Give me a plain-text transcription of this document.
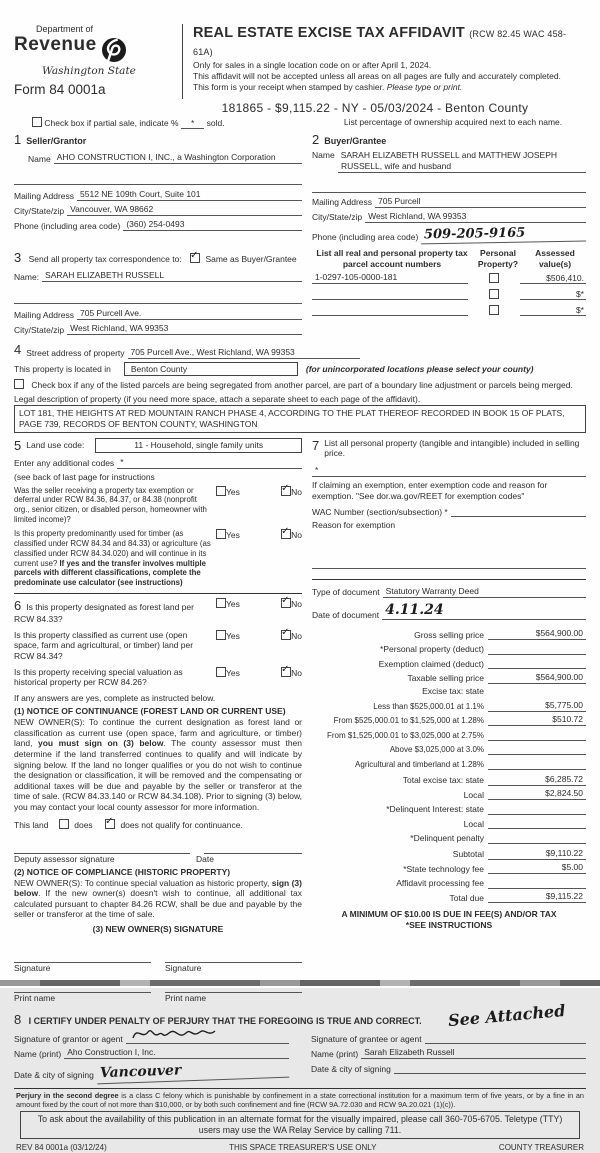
Department of
Revenue
Washington State
Form 84 0001a
REAL ESTATE EXCISE TAX AFFIDAVIT (RCW 82.45 WAC 458-61A)
Only for sales in a single location code on or after April 1, 2024.
This affidavit will not be accepted unless all areas on all pages are fully and accurately completed.
This form is your receipt when stamped by cashier. Please type or print.
181865 - $9,115.22 - NY - 05/03/2024 - Benton County
Check box if partial sale, indicate % * sold.	List percentage of ownership acquired next to each name.
1 Seller/Grantor
Name AHO CONSTRUCTION I, INC., a Washington Corporation
Mailing Address 5512 NE 109th Court, Suite 101
City/State/zip Vancouver, WA 98662
Phone (including area code) (360) 254-0493
2 Buyer/Grantee
Name SARAH ELIZABETH RUSSELL and MATTHEW JOSEPH
RUSSELL, wife and husband
Mailing Address 705 Purcell
City/State/zip West Richland, WA 99353
Phone (including area code) 509-205-9165
3 Send all property tax correspondence to: ✓	Same as Buyer/Grantee
Name: SARAH ELIZABETH RUSSELL
Mailing Address 705 Purcell Ave.
City/State/zip West Richland, WA 99353
List all real and personal property tax parcel account numbers
Personal Property?
Assessed value(s)
1-0297-105-0000-181	$506,410.
$*
$*
4 Street address of property 705 Purcell Ave., West Richland, WA 99353
This property is located in	Benton County	(for unincorporated locations please select your county)
Check box if any of the listed parcels are being segregated from another parcel, are part of a boundary line adjustment or parcels being merged.
Legal description of property (if you need more space, attach a separate sheet to each page of the affidavit).
LOT 181, THE HEIGHTS AT RED MOUNTAIN RANCH PHASE 4, ACCORDING TO THE PLAT THEREOF RECORDED IN BOOK 15 OF PLATS, PAGE 739, RECORDS OF BENTON COUNTY, WASHINGTON
5 Land use code:	11 - Household, single family units
Enter any additional codes *
(see back of last page for instructions
Was the seller receiving a property tax exemption or deferral under RCW 84.36, 84.37, or 84.38 (nonprofit org., senior citizen, or disabled person, homeowner with limited income)?
Yes ✓	No
Is this property predominantly used for timber (as classified under RCW 84.34 and 84.33) or agriculture (as classified under RCW 84.34.020) and will continue in its current use? If yes and the transfer involves multiple parcels with different classifications, complete the predominate use calculator (see instructions)
Yes ✓	No
6 Is this property designated as forest land per RCW 84.33?
Yes ✓	No
Is this property classified as current use (open space, farm and agricultural, or timber) land per RCW 84.34?
Yes ✓	No
Is this property receiving special valuation as historical property per RCW 84.26?
Yes ✓	No
If any answers are yes, complete as instructed below.
(1) NOTICE OF CONTINUANCE (FOREST LAND OR CURRENT USE)
NEW OWNER(S): To continue the current designation as forest land or classification as current use (open space, farm and agriculture, or timber) land, you must sign on (3) below. The county assessor must then determine if the land transferred continues to qualify and will indicate by signing below. If the land no longer qualifies or you do not wish to continue the designation or classification, it will be removed and the compensating or additional taxes will be due and payable by the seller or transferor at the time of sale. (RCW 84.33.140 or RCW 84.34.108). Prior to signing (3) below, you may contact your local county assessor for more information.
This land	does ✓	does not qualify for continuance.
Deputy assessor signature	Date
(2) NOTICE OF COMPLIANCE (HISTORIC PROPERTY)
NEW OWNER(S): To continue special valuation as historic property, sign (3) below. If the new owner(s) doesn't wish to continue, all additional tax calculated pursuant to chapter 84.26 RCW, shall be due and payable by the seller or transferor at the time of sale.
(3) NEW OWNER(S) SIGNATURE
Signature
Print name
Signature
Print name
7 List all personal property (tangible and intangible) included in selling price.
*
If claiming an exemption, enter exemption code and reason for exemption. "See dor.wa.gov/REET for exemption codes"
WAC Number (section/subsection) *
Reason for exemption
Type of document Statutory Warranty Deed
Date of document 4.11.24
Gross selling price	$564,900.00
*Personal property (deduct)
Exemption claimed (deduct)
Taxable selling price	$564,900.00
Excise tax: state
Less than $525,000.01 at 1.1%	$5,775.00
From $525,000.01 to $1,525,000 at 1.28%	$510.72
From $1,525,000.01 to $3,025,000 at 2.75%
Above $3,025,000 at 3.0%
Agricultural and timberland at 1.28%
Total excise tax: state	$6,285.72
Local	$2,824.50
*Delinquent Interest: state
Local
*Delinquent penalty
Subtotal	$9,110.22
*State technology fee	$5.00
Affidavit processing fee
Total due	$9,115.22
A MINIMUM OF $10.00 IS DUE IN FEE(S) AND/OR TAX
*SEE INSTRUCTIONS
8 I CERTIFY UNDER PENALTY OF PERJURY THAT THE FOREGOING IS TRUE AND CORRECT. See Attached
Signature of grantor or agent
Name (print) Aho Construction I, Inc.
Date & city of signing Vancouver
Signature of grantee or agent
Name (print) Sarah Elizabeth Russell
Date & city of signing
Perjury in the second degree is a class C felony which is punishable by confinement in a state correctional institution for a maximum term of five years, or by a fine in an amount fixed by the court of not more than $10,000, or by both such confinement and fine (RCW 9A.72.030 and RCW 9A.20.021 (1)(c)).
To ask about the availability of this publication in an alternate format for the visually impaired, please call 360-705-6705. Teletype (TTY) users may use the WA Relay Service by calling 711.
REV 84 0001a (03/12/24)	THIS SPACE TREASURER'S USE ONLY	COUNTY TREASURER
